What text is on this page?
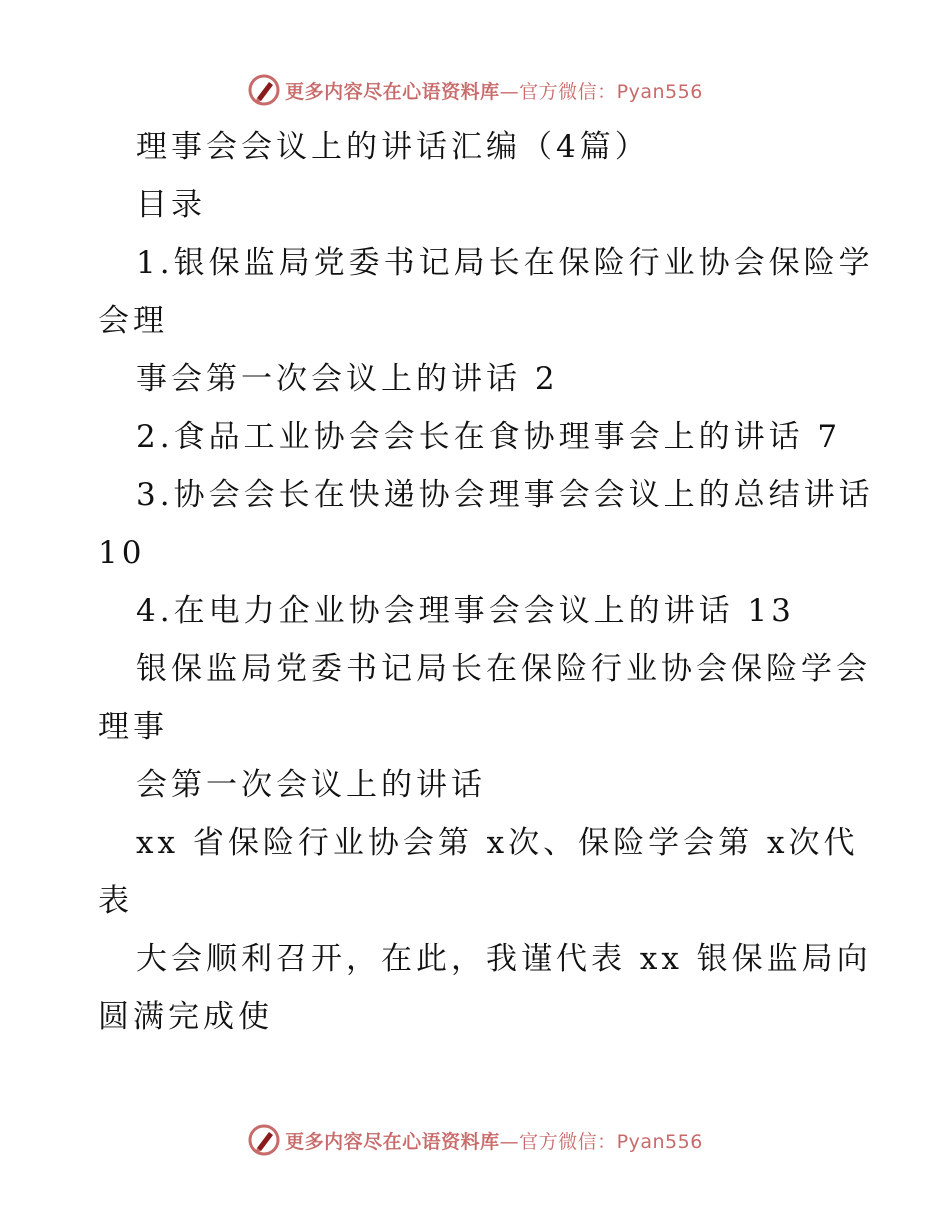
更多内容尽在心语资料库—官方微信：Pyan556
理事会会议上的讲话汇编（4篇）
目录
1.银保监局党委书记局长在保险行业协会保险学
会理
事会第一次会议上的讲话 2
2.食品工业协会会长在食协理事会上的讲话 7
3.协会会长在快递协会理事会会议上的总结讲话
10
4.在电力企业协会理事会会议上的讲话 13
银保监局党委书记局长在保险行业协会保险学会
理事
会第一次会议上的讲话
xx 省保险行业协会第 x次、保险学会第 x次代
表
大会顺利召开，在此，我谨代表 xx 银保监局向
圆满完成使
更多内容尽在心语资料库—官方微信：Pyan556
